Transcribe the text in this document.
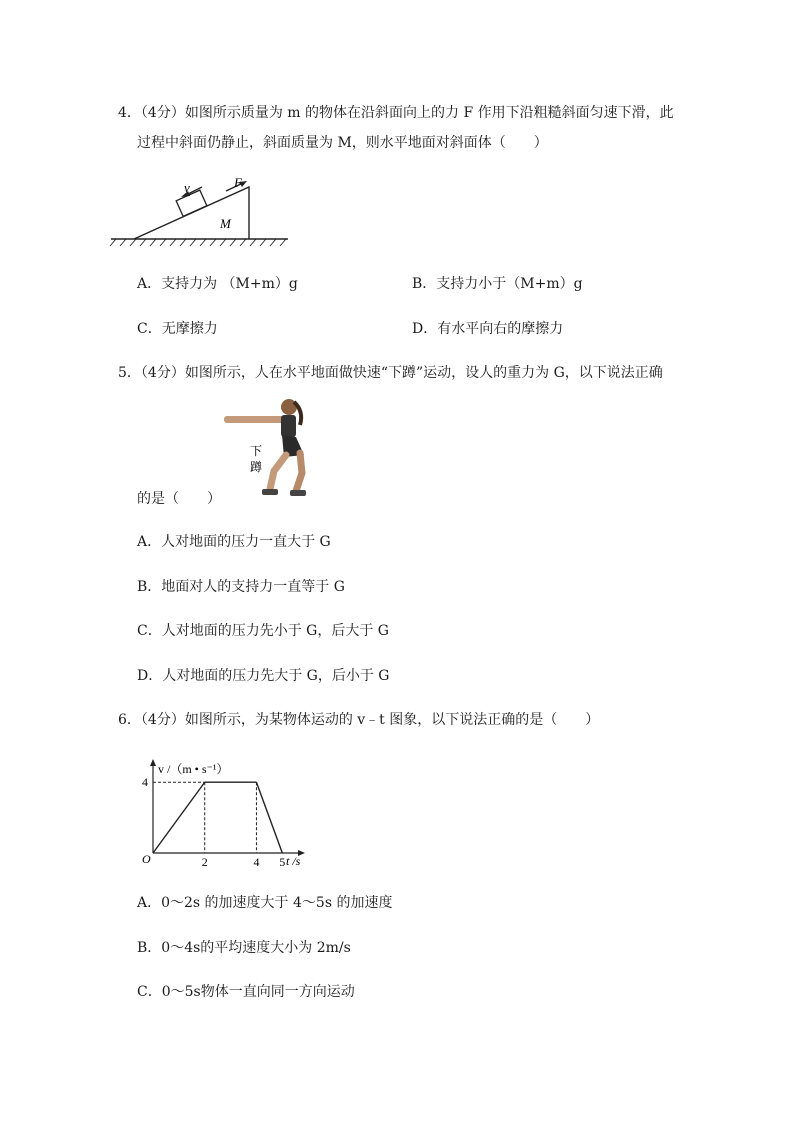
4．（4分）如图所示质量为 m 的物体在沿斜面向上的力 F 作用下沿粗糙斜面匀速下滑，此
过程中斜面仍静止，斜面质量为 M，则水平地面对斜面体（　　）
v	F
M
A．支持力为 （M+m）g	B．支持力小于（M+m）g
C．无摩擦力	D．有水平向右的摩擦力
5．（4分）如图所示，人在水平地面做快速“下蹲”运动，设人的重力为 G，以下说法正确
下
蹲
的是（　　）
A．人对地面的压力一直大于 G
B．地面对人的支持力一直等于 G
C．人对地面的压力先小于 G，后大于 G
D．人对地面的压力先大于 G，后小于 G
6．（4分）如图所示，为某物体运动的 v﹣t 图象，以下说法正确的是（　　）
v /（m • s⁻¹）
t /s
O	2	4 5
4
A．0～2s 的加速度大于 4～5s 的加速度
B．0～4s的平均速度大小为 2m/s
C．0～5s物体一直向同一方向运动
